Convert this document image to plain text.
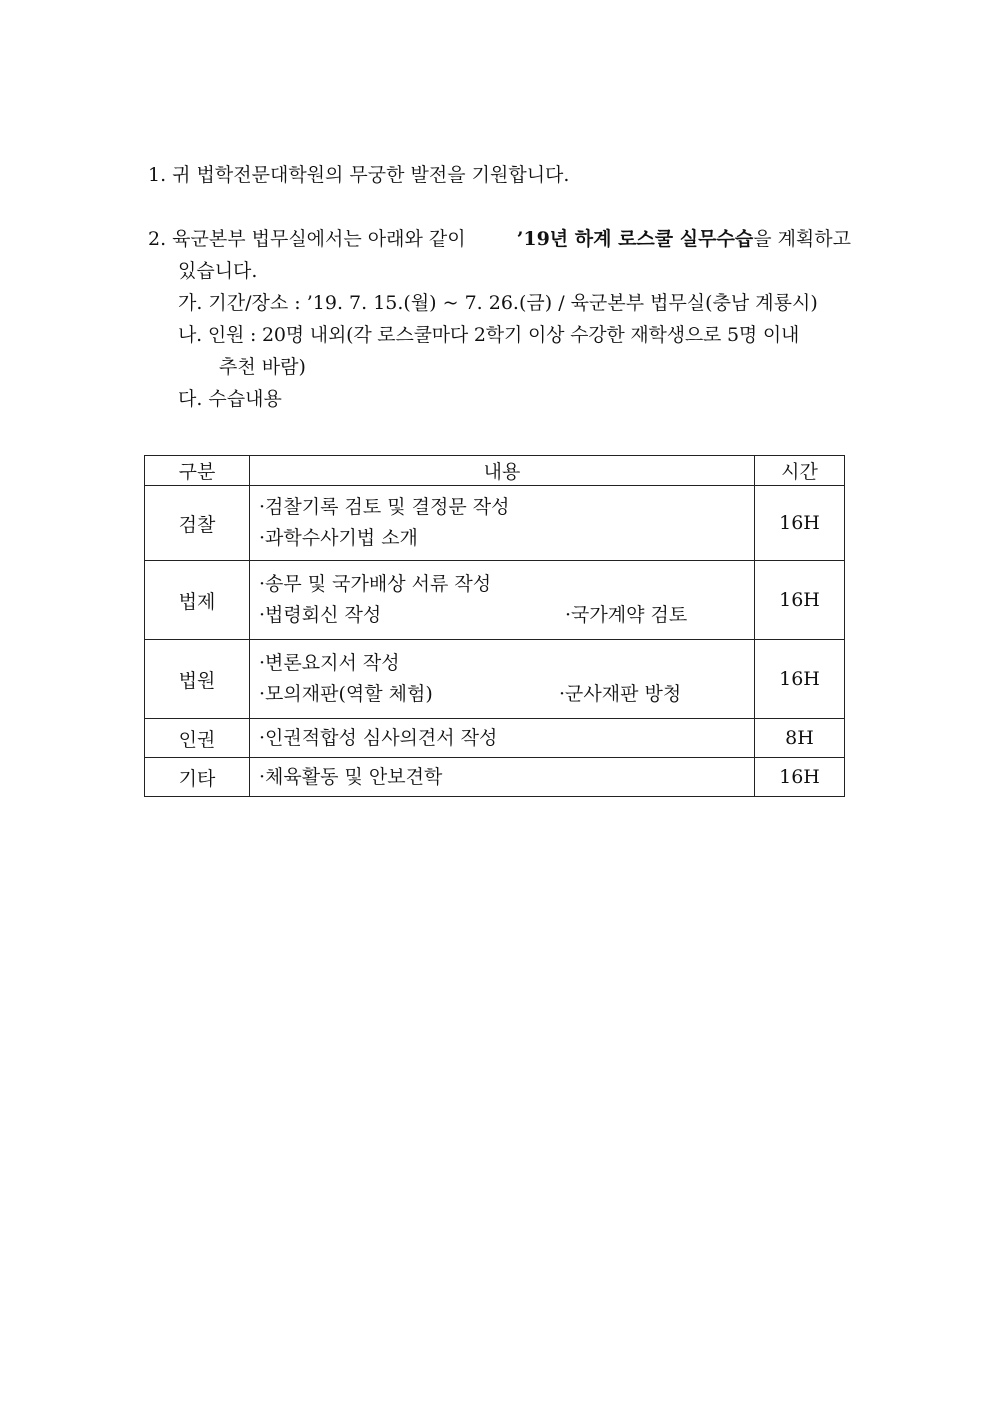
1. 귀 법학전문대학원의 무궁한 발전을 기원합니다.
2. 육군본부 법무실에서는 아래와 같이	’19년 하계 로스쿨 실무수습을 계획하고
있습니다.
가. 기간/장소 : ’19. 7. 15.(월) ~ 7. 26.(금) / 육군본부 법무실(충남 계룡시)
나. 인원 : 20명 내외(각 로스쿨마다 2학기 이상 수강한 재학생으로 5명 이내
추천 바람)
다. 수습내용
구분	내용	시간
검찰	·검찰기록 검토 및 결정문 작성
·과학수사기법 소개	16H
법제	·송무 및 국가배상 서류 작성
·법령회신 작성 ·국가계약 검토	16H
법원	·변론요지서 작성
·모의재판(역할 체험) ·군사재판 방청	16H
인권	·인권적합성 심사의견서 작성	8H
기타	·체육활동 및 안보견학	16H
